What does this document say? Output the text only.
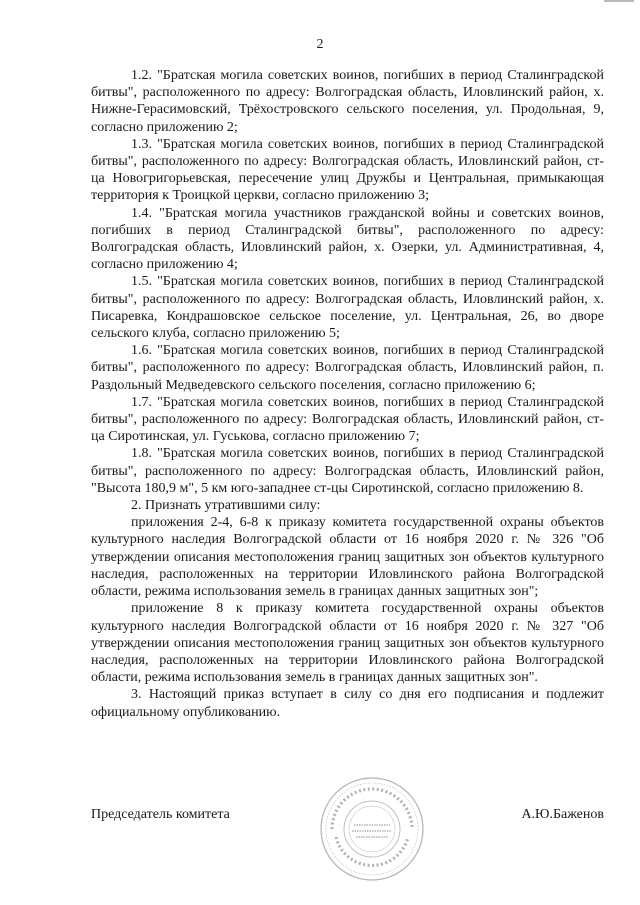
2

1.2. "Братская могила советских воинов, погибших в период Сталинградской битвы", расположенного по адресу: Волгоградская область, Иловлинский район, х. Нижне-Герасимовский, Трёхостровского сельского поселения, ул. Продольная, 9, согласно приложению 2;

1.3. "Братская могила советских воинов, погибших в период Сталинградской битвы", расположенного по адресу: Волгоградская область, Иловлинский район, ст-ца Новогригорьевская, пересечение улиц Дружбы и Центральная, примыкающая территория к Троицкой церкви, согласно приложению 3;

1.4. "Братская могила участников гражданской войны и советских воинов, погибших в период Сталинградской битвы", расположенного по адресу: Волгоградская область, Иловлинский район, х. Озерки, ул. Административная, 4, согласно приложению 4;

1.5. "Братская могила советских воинов, погибших в период Сталинградской битвы", расположенного по адресу: Волгоградская область, Иловлинский район, х. Писаревка, Кондрашовское сельское поселение, ул. Центральная, 26, во дворе сельского клуба, согласно приложению 5;

1.6. "Братская могила советских воинов, погибших в период Сталинградской битвы", расположенного по адресу: Волгоградская область, Иловлинский район, п. Раздольный Медведевского сельского поселения, согласно приложению 6;

1.7. "Братская могила советских воинов, погибших в период Сталинградской битвы", расположенного по адресу: Волгоградская область, Иловлинский район, ст-ца Сиротинская, ул. Гуськова, согласно приложению 7;

1.8. "Братская могила советских воинов, погибших в период Сталинградской битвы", расположенного по адресу: Волгоградская область, Иловлинский район, "Высота 180,9 м", 5 км юго-западнее ст-цы Сиротинской, согласно приложению 8.

2. Признать утратившими силу:

приложения 2-4, 6-8 к приказу комитета государственной охраны объектов культурного наследия Волгоградской области от 16 ноября 2020 г. № 326 "Об утверждении описания местоположения границ защитных зон объектов культурного наследия, расположенных на территории Иловлинского района Волгоградской области, режима использования земель в границах данных защитных зон";

приложение 8 к приказу комитета государственной охраны объектов культурного наследия Волгоградской области от 16 ноября 2020 г. № 327 "Об утверждении описания местоположения границ защитных зон объектов культурного наследия, расположенных на территории Иловлинского района Волгоградской области, режима использования земель в границах данных защитных зон".

3. Настоящий приказ вступает в силу со дня его подписания и подлежит официальному опубликованию.

Председатель комитета	А.Ю.Баженов
